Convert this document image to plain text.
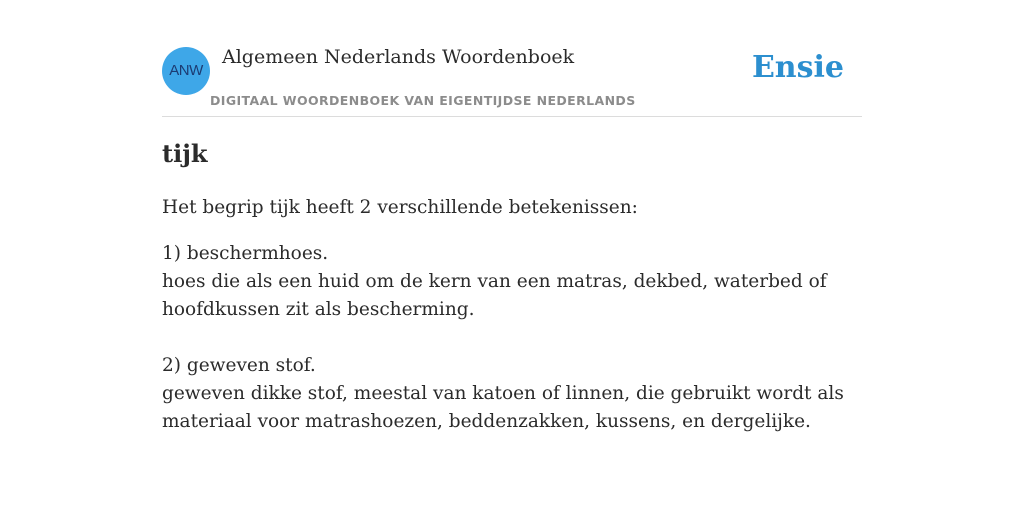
ANW
Algemeen Nederlands Woordenboek
DIGITAAL WOORDENBOEK VAN EIGENTIJDSE NEDERLANDS
Ensie
tijk

Het begrip tijk heeft 2 verschillende betekenissen:

1) beschermhoes.
hoes die als een huid om de kern van een matras, dekbed, waterbed of hoofdkussen zit als bescherming.
2) geweven stof.
geweven dikke stof, meestal van katoen of linnen, die gebruikt wordt als materiaal voor matrashoezen, beddenzakken, kussens, en dergelijke.
